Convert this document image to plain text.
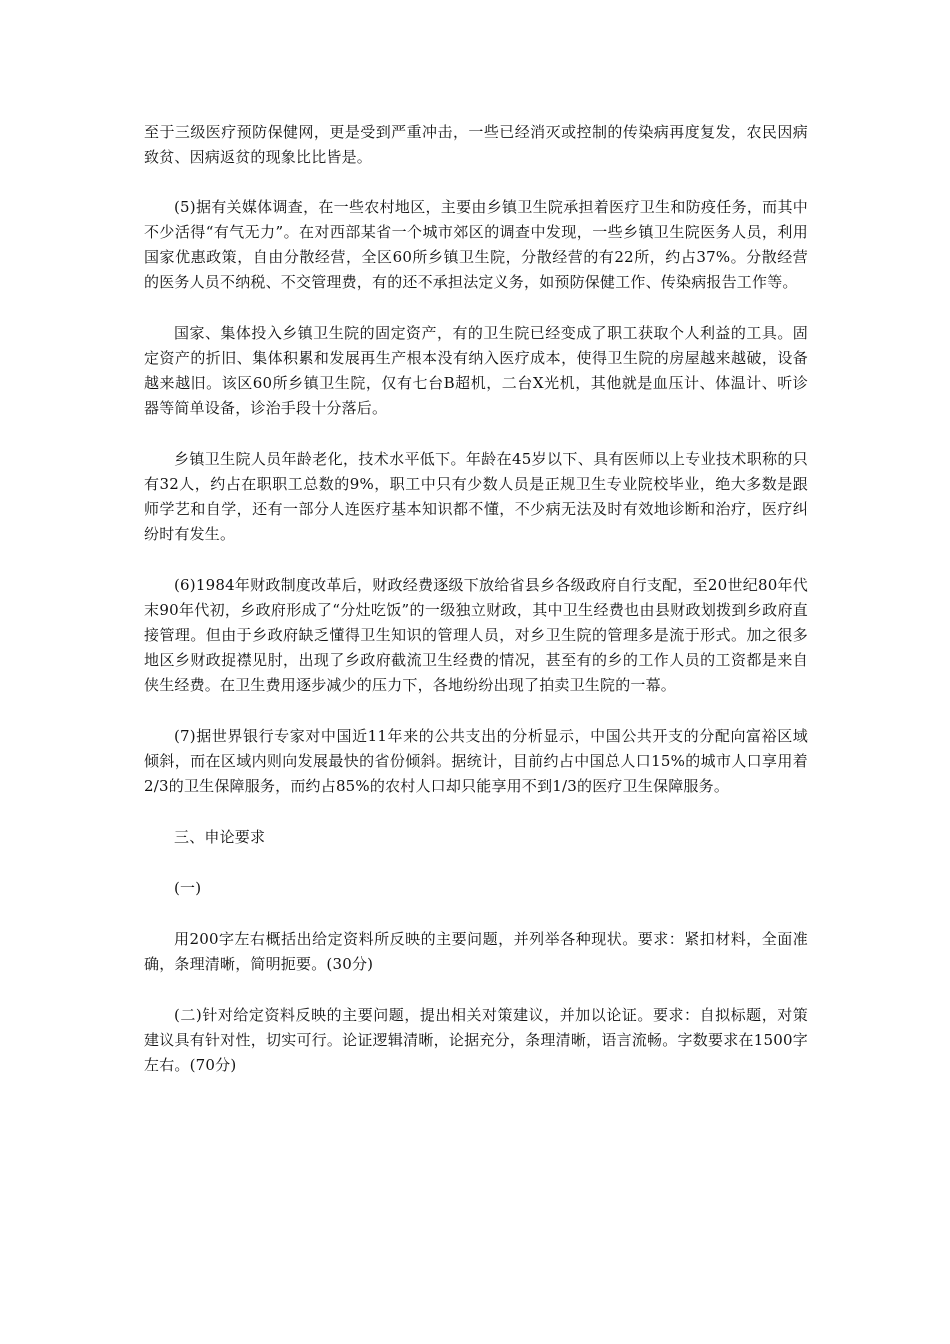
至于三级医疗预防保健网，更是受到严重冲击，一些已经消灭或控制的传染病再度复发，农民因病致贫、因病返贫的现象比比皆是。

(5)据有关媒体调查，在一些农村地区，主要由乡镇卫生院承担着医疗卫生和防疫任务，而其中不少活得“有气无力”。在对西部某省一个城市郊区的调查中发现，一些乡镇卫生院医务人员，利用国家优惠政策，自由分散经营，全区60所乡镇卫生院，分散经营的有22所，约占37%。分散经营的医务人员不纳税、不交管理费，有的还不承担法定义务，如预防保健工作、传染病报告工作等。

国家、集体投入乡镇卫生院的固定资产，有的卫生院已经变成了职工获取个人利益的工具。固定资产的折旧、集体积累和发展再生产根本没有纳入医疗成本，使得卫生院的房屋越来越破，设备越来越旧。该区60所乡镇卫生院，仅有七台B超机，二台X光机，其他就是血压计、体温计、听诊器等简单设备，诊治手段十分落后。

乡镇卫生院人员年龄老化，技术水平低下。年龄在45岁以下、具有医师以上专业技术职称的只有32人，约占在职职工总数的9%，职工中只有少数人员是正规卫生专业院校毕业，绝大多数是跟师学艺和自学，还有一部分人连医疗基本知识都不懂，不少病无法及时有效地诊断和治疗，医疗纠纷时有发生。

(6)1984年财政制度改革后，财政经费逐级下放给省县乡各级政府自行支配，至20世纪80年代末90年代初，乡政府形成了“分灶吃饭”的一级独立财政，其中卫生经费也由县财政划拨到乡政府直接管理。但由于乡政府缺乏懂得卫生知识的管理人员，对乡卫生院的管理多是流于形式。加之很多地区乡财政捉襟见肘，出现了乡政府截流卫生经费的情况，甚至有的乡的工作人员的工资都是来自侠生经费。在卫生费用逐步减少的压力下，各地纷纷出现了拍卖卫生院的一幕。

(7)据世界银行专家对中国近11年来的公共支出的分析显示，中国公共开支的分配向富裕区域倾斜，而在区域内则向发展最快的省份倾斜。据统计，目前约占中国总人口15%的城市人口享用着2/3的卫生保障服务，而约占85%的农村人口却只能享用不到1/3的医疗卫生保障服务。

三、申论要求

(一)

用200字左右概括出给定资料所反映的主要问题，并列举各种现状。要求：紧扣材料，全面准确，条理清晰，简明扼要。(30分)

(二)针对给定资料反映的主要问题，提出相关对策建议，并加以论证。要求：自拟标题，对策建议具有针对性，切实可行。论证逻辑清晰，论据充分，条理清晰，语言流畅。字数要求在1500字左右。(70分)
